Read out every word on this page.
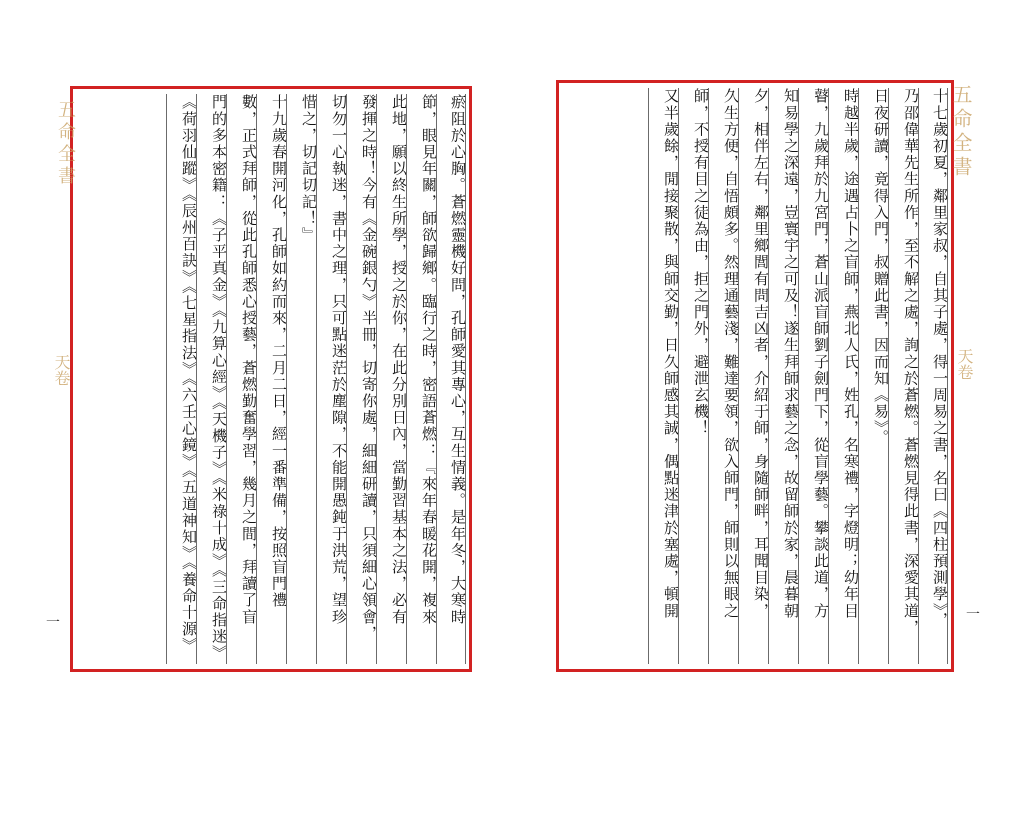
五命全書
天卷
一	瘀阻於心胸。蒼燃靈機好問，孔師愛其專心，互生情義。是年冬，大寒時
節，眼見年關，師欲歸鄉。臨行之時，密語蒼燃：『來年春暖花開，複來
此地，願以終生所學，授之於你，在此分別日內，當勤習基本之法，必有
發揮之時！今有《金碗銀勺》半冊，切寄你處，細細研讀，只須細心領會，
切勿一心執迷，書中之理，只可點迷茫於塵隙，不能開愚鈍于洪荒，望珍
惜之，切記切記！』
十九歲春開河化，孔師如約而來，二月二日，經一番準備，按照盲門禮
數，正式拜師，從此孔師悉心授藝，蒼燃勤奮學習，幾月之間，拜讀了盲
門的多本密籍：《子平真金》《九算心經》《天機子》《米祿十成》《三命指迷》
《荷羽仙蹤》《辰州百訣》《七星指法》《六壬心鏡》《五道神知》《養命十源》	五命全書
天卷
一
十七歲初夏，鄰里家叔，自其子處，得一周易之書，名曰《四柱預測學》，
乃邵偉華先生所作，至不解之處，詢之於蒼燃。蒼燃見得此書，深愛其道，
日夜研讀，竟得入門，叔贈此書，因而知《易》。
時越半歲，途遇占卜之盲師，燕北人氏，姓孔，名寒禮，字燈明；幼年目
瞽，九歲拜於九宮門，蒼山派盲師劉子劍門下，從盲學藝。攀談此道，方
知易學之深遠，豈寰宇之可及！遂生拜師求藝之念，故留師於家，晨暮朝
夕，相伴左右，鄰里鄉閭有問吉凶者，介紹于師，身隨師畔，耳聞目染，
久生方便，自悟頗多。然理通藝淺，難達要領，欲入師門，師則以無眼之
師，不授有目之徒為由，拒之門外，避泄玄機！
又半歲餘，閒接聚散，與師交勤，日久師感其誠，偶點迷津於塞處，頓開
